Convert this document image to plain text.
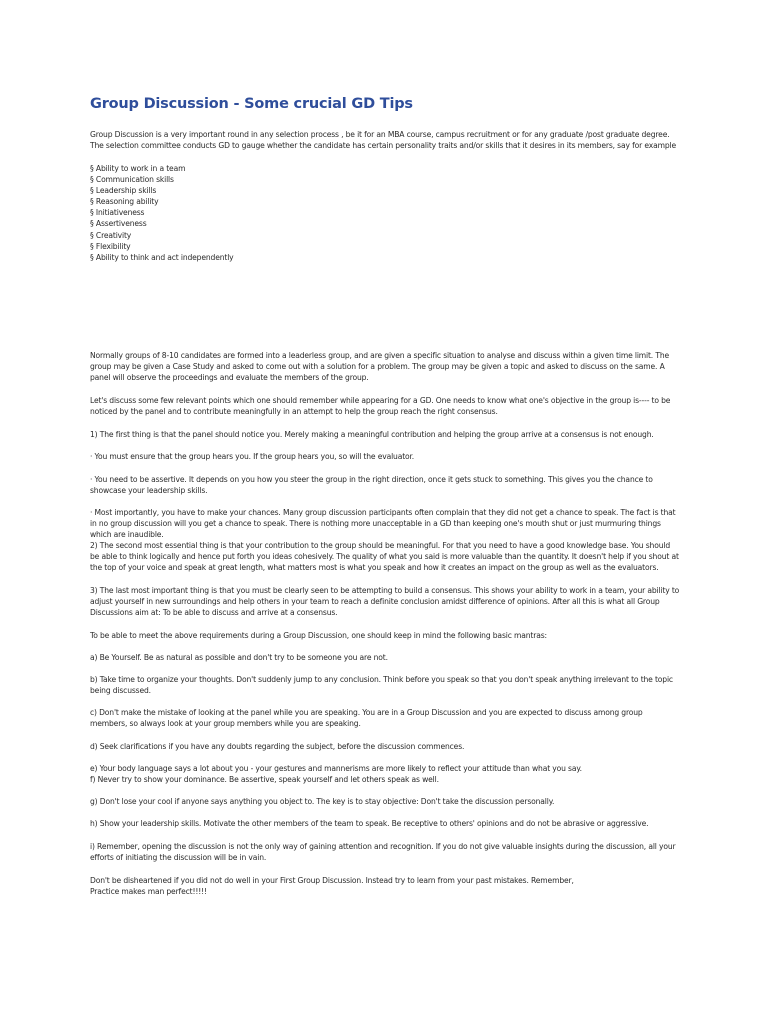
Group Discussion - Some crucial GD Tips
Group Discussion is a very important round in any selection process , be it for an MBA course, campus recruitment or for any graduate /post graduate degree. The selection committee conducts GD to gauge whether the candidate has certain personality traits and/or skills that it desires in its members, say for example
§ Ability to work in a team
§ Communication skills
§ Leadership skills
§ Reasoning ability
§ Initiativeness
§ Assertiveness
§ Creativity
§ Flexibility
§ Ability to think and act independently
Normally groups of 8-10 candidates are formed into a leaderless group, and are given a specific situation to analyse and discuss within a given time limit. The group may be given a Case Study and asked to come out with a solution for a problem. The group may be given a topic and asked to discuss on the same. A panel will observe the proceedings and evaluate the members of the group.
Let's discuss some few relevant points which one should remember while appearing for a GD. One needs to know what one's objective in the group is---- to be noticed by the panel and to contribute meaningfully in an attempt to help the group reach the right consensus.
1) The first thing is that the panel should notice you. Merely making a meaningful contribution and helping the group arrive at a consensus is not enough.
· You must ensure that the group hears you. If the group hears you, so will the evaluator.
· You need to be assertive. It depends on you how you steer the group in the right direction, once it gets stuck to something. This gives you the chance to showcase your leadership skills.
· Most importantly, you have to make your chances. Many group discussion participants often complain that they did not get a chance to speak. The fact is that in no group discussion will you get a chance to speak. There is nothing more unacceptable in a GD than keeping one's mouth shut or just murmuring things which are inaudible.
2) The second most essential thing is that your contribution to the group should be meaningful. For that you need to have a good knowledge base. You should be able to think logically and hence put forth you ideas cohesively. The quality of what you said is more valuable than the quantity. It doesn't help if you shout at the top of your voice and speak at great length, what matters most is what you speak and how it creates an impact on the group as well as the evaluators.
3) The last most important thing is that you must be clearly seen to be attempting to build a consensus. This shows your ability to work in a team, your ability to adjust yourself in new surroundings and help others in your team to reach a definite conclusion amidst difference of opinions. After all this is what all Group Discussions aim at: To be able to discuss and arrive at a consensus.
To be able to meet the above requirements during a Group Discussion, one should keep in mind the following basic mantras:
a) Be Yourself. Be as natural as possible and don't try to be someone you are not.
b) Take time to organize your thoughts. Don't suddenly jump to any conclusion. Think before you speak so that you don't speak anything irrelevant to the topic being discussed.
c) Don't make the mistake of looking at the panel while you are speaking. You are in a Group Discussion and you are expected to discuss among group members, so always look at your group members while you are speaking.
d) Seek clarifications if you have any doubts regarding the subject, before the discussion commences.
e) Your body language says a lot about you - your gestures and mannerisms are more likely to reflect your attitude than what you say.
f) Never try to show your dominance. Be assertive, speak yourself and let others speak as well.
g) Don't lose your cool if anyone says anything you object to. The key is to stay objective: Don't take the discussion personally.
h) Show your leadership skills. Motivate the other members of the team to speak. Be receptive to others' opinions and do not be abrasive or aggressive.
i) Remember, opening the discussion is not the only way of gaining attention and recognition. If you do not give valuable insights during the discussion, all your efforts of initiating the discussion will be in vain.
Don't be disheartened if you did not do well in your First Group Discussion. Instead try to learn from your past mistakes. Remember,
Practice makes man perfect!!!!!
